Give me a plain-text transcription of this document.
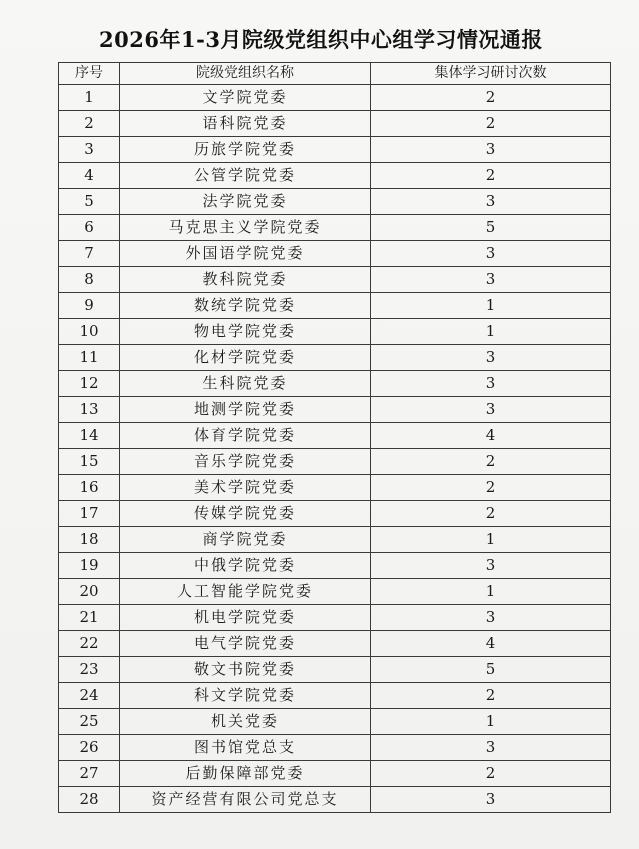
2026年1-3月院级党组织中心组学习情况通报
序号	院级党组织名称	集体学习研讨次数
1	文学院党委	2
2	语科院党委	2
3	历旅学院党委	3
4	公管学院党委	2
5	法学院党委	3
6	马克思主义学院党委	5
7	外国语学院党委	3
8	教科院党委	3
9	数统学院党委	1
10	物电学院党委	1
11	化材学院党委	3
12	生科院党委	3
13	地测学院党委	3
14	体育学院党委	4
15	音乐学院党委	2
16	美术学院党委	2
17	传媒学院党委	2
18	商学院党委	1
19	中俄学院党委	3
20	人工智能学院党委	1
21	机电学院党委	3
22	电气学院党委	4
23	敬文书院党委	5
24	科文学院党委	2
25	机关党委	1
26	图书馆党总支	3
27	后勤保障部党委	2
28	资产经营有限公司党总支	3
